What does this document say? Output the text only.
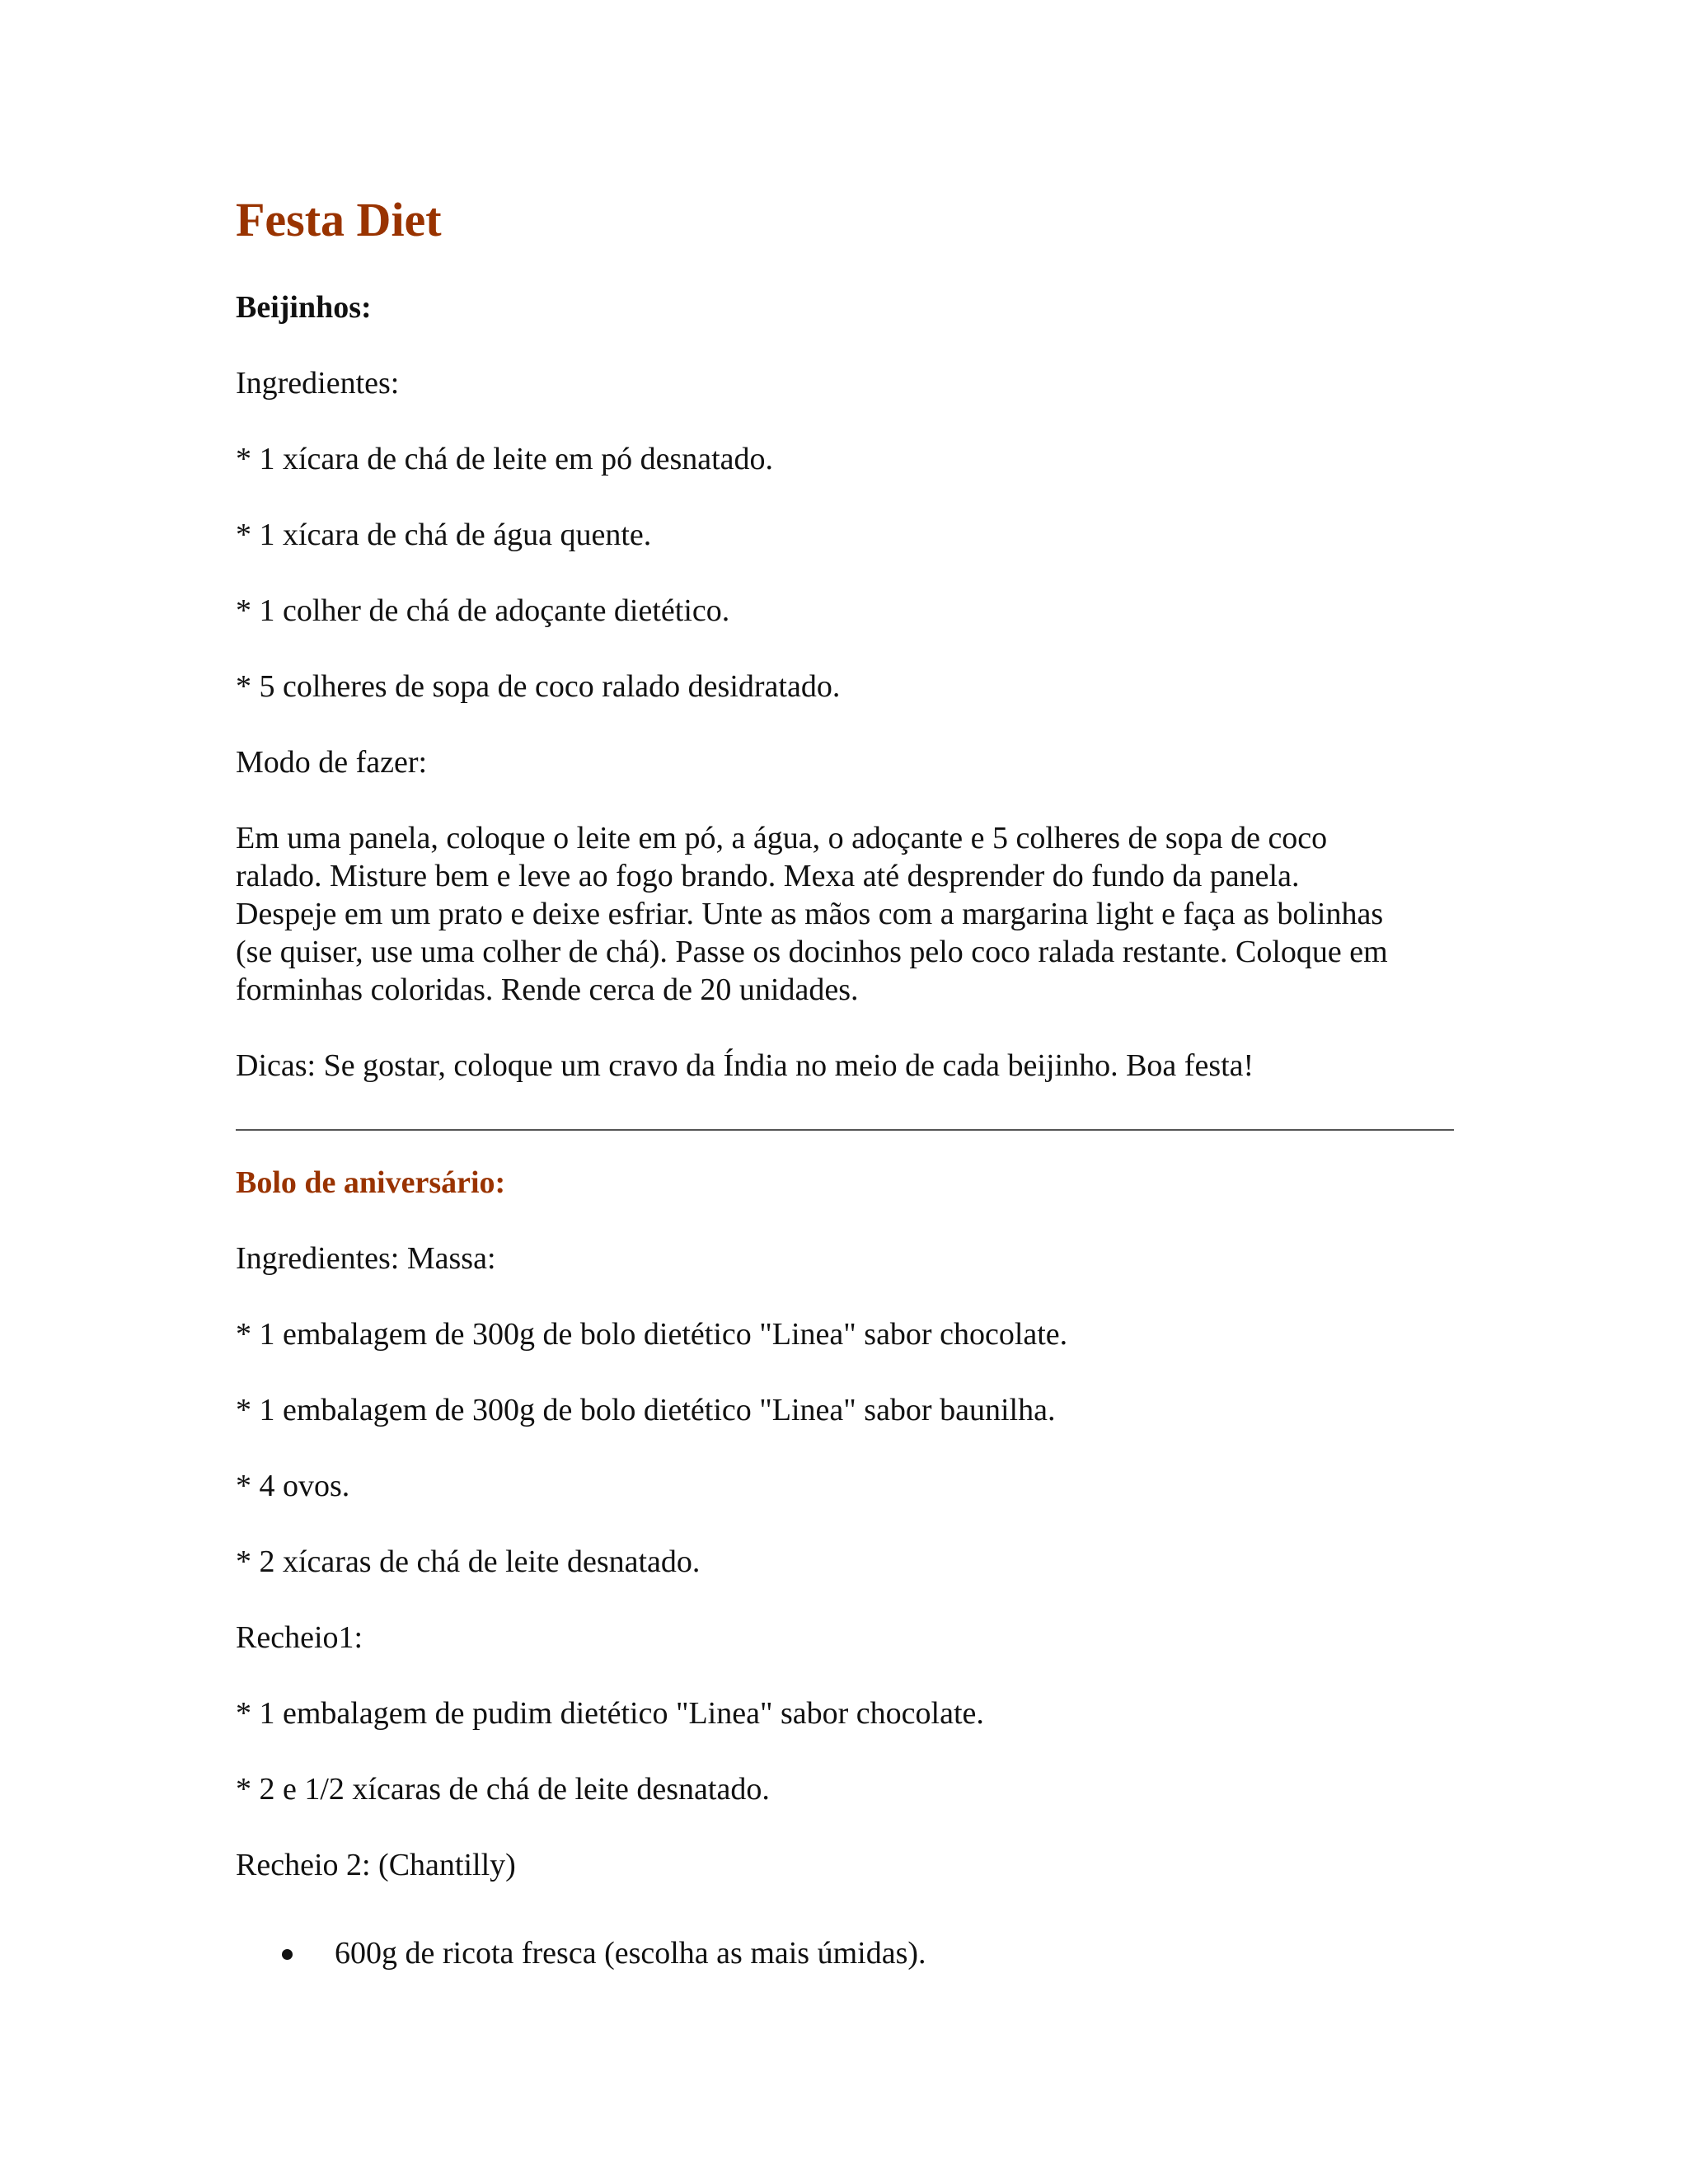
Festa Diet

Beijinhos:

Ingredientes:

* 1 xícara de chá de leite em pó desnatado.

* 1 xícara de chá de água quente.

* 1 colher de chá de adoçante dietético.

* 5 colheres de sopa de coco ralado desidratado.

Modo de fazer:

Em uma panela, coloque o leite em pó, a água, o adoçante e 5 colheres de sopa de coco
ralado. Misture bem e leve ao fogo brando. Mexa até desprender do fundo da panela.
Despeje em um prato e deixe esfriar. Unte as mãos com a margarina light e faça as bolinhas
(se quiser, use uma colher de chá). Passe os docinhos pelo coco ralada restante. Coloque em
forminhas coloridas. Rende cerca de 20 unidades.

Dicas: Se gostar, coloque um cravo da Índia no meio de cada beijinho. Boa festa!

Bolo de aniversário:

Ingredientes: Massa:

* 1 embalagem de 300g de bolo dietético "Linea" sabor chocolate.

* 1 embalagem de 300g de bolo dietético "Linea" sabor baunilha.

* 4 ovos.

* 2 xícaras de chá de leite desnatado.

Recheio1:

* 1 embalagem de pudim dietético "Linea" sabor chocolate.

* 2 e 1/2 xícaras de chá de leite desnatado.

Recheio 2: (Chantilly)

600g de ricota fresca (escolha as mais úmidas).
